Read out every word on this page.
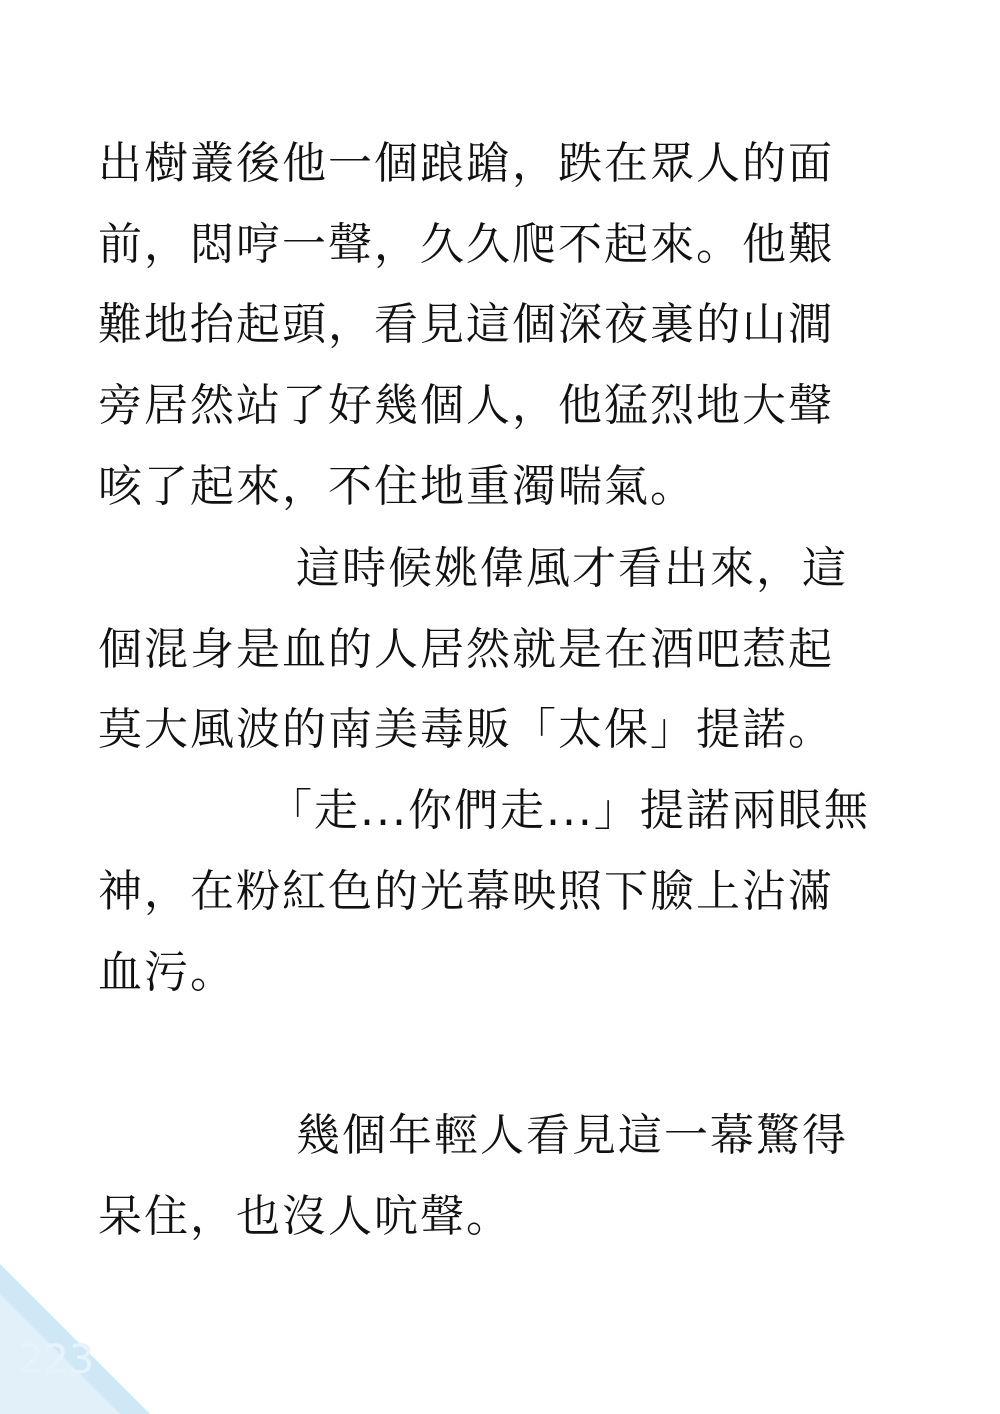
出樹叢後他一個踉蹌，跌在眾人的面
前，悶哼一聲，久久爬不起來。他艱
難地抬起頭，看見這個深夜裏的山澗
旁居然站了好幾個人，他猛烈地大聲
咳了起來，不住地重濁喘氣。
這時候姚偉風才看出來，這
個混身是血的人居然就是在酒吧惹起
莫大風波的南美毒販「太保」提諾。
「走...你們走...」提諾兩眼無
神，在粉紅色的光幕映照下臉上沾滿
血污。
幾個年輕人看見這一幕驚得
呆住，也沒人吭聲。
223
